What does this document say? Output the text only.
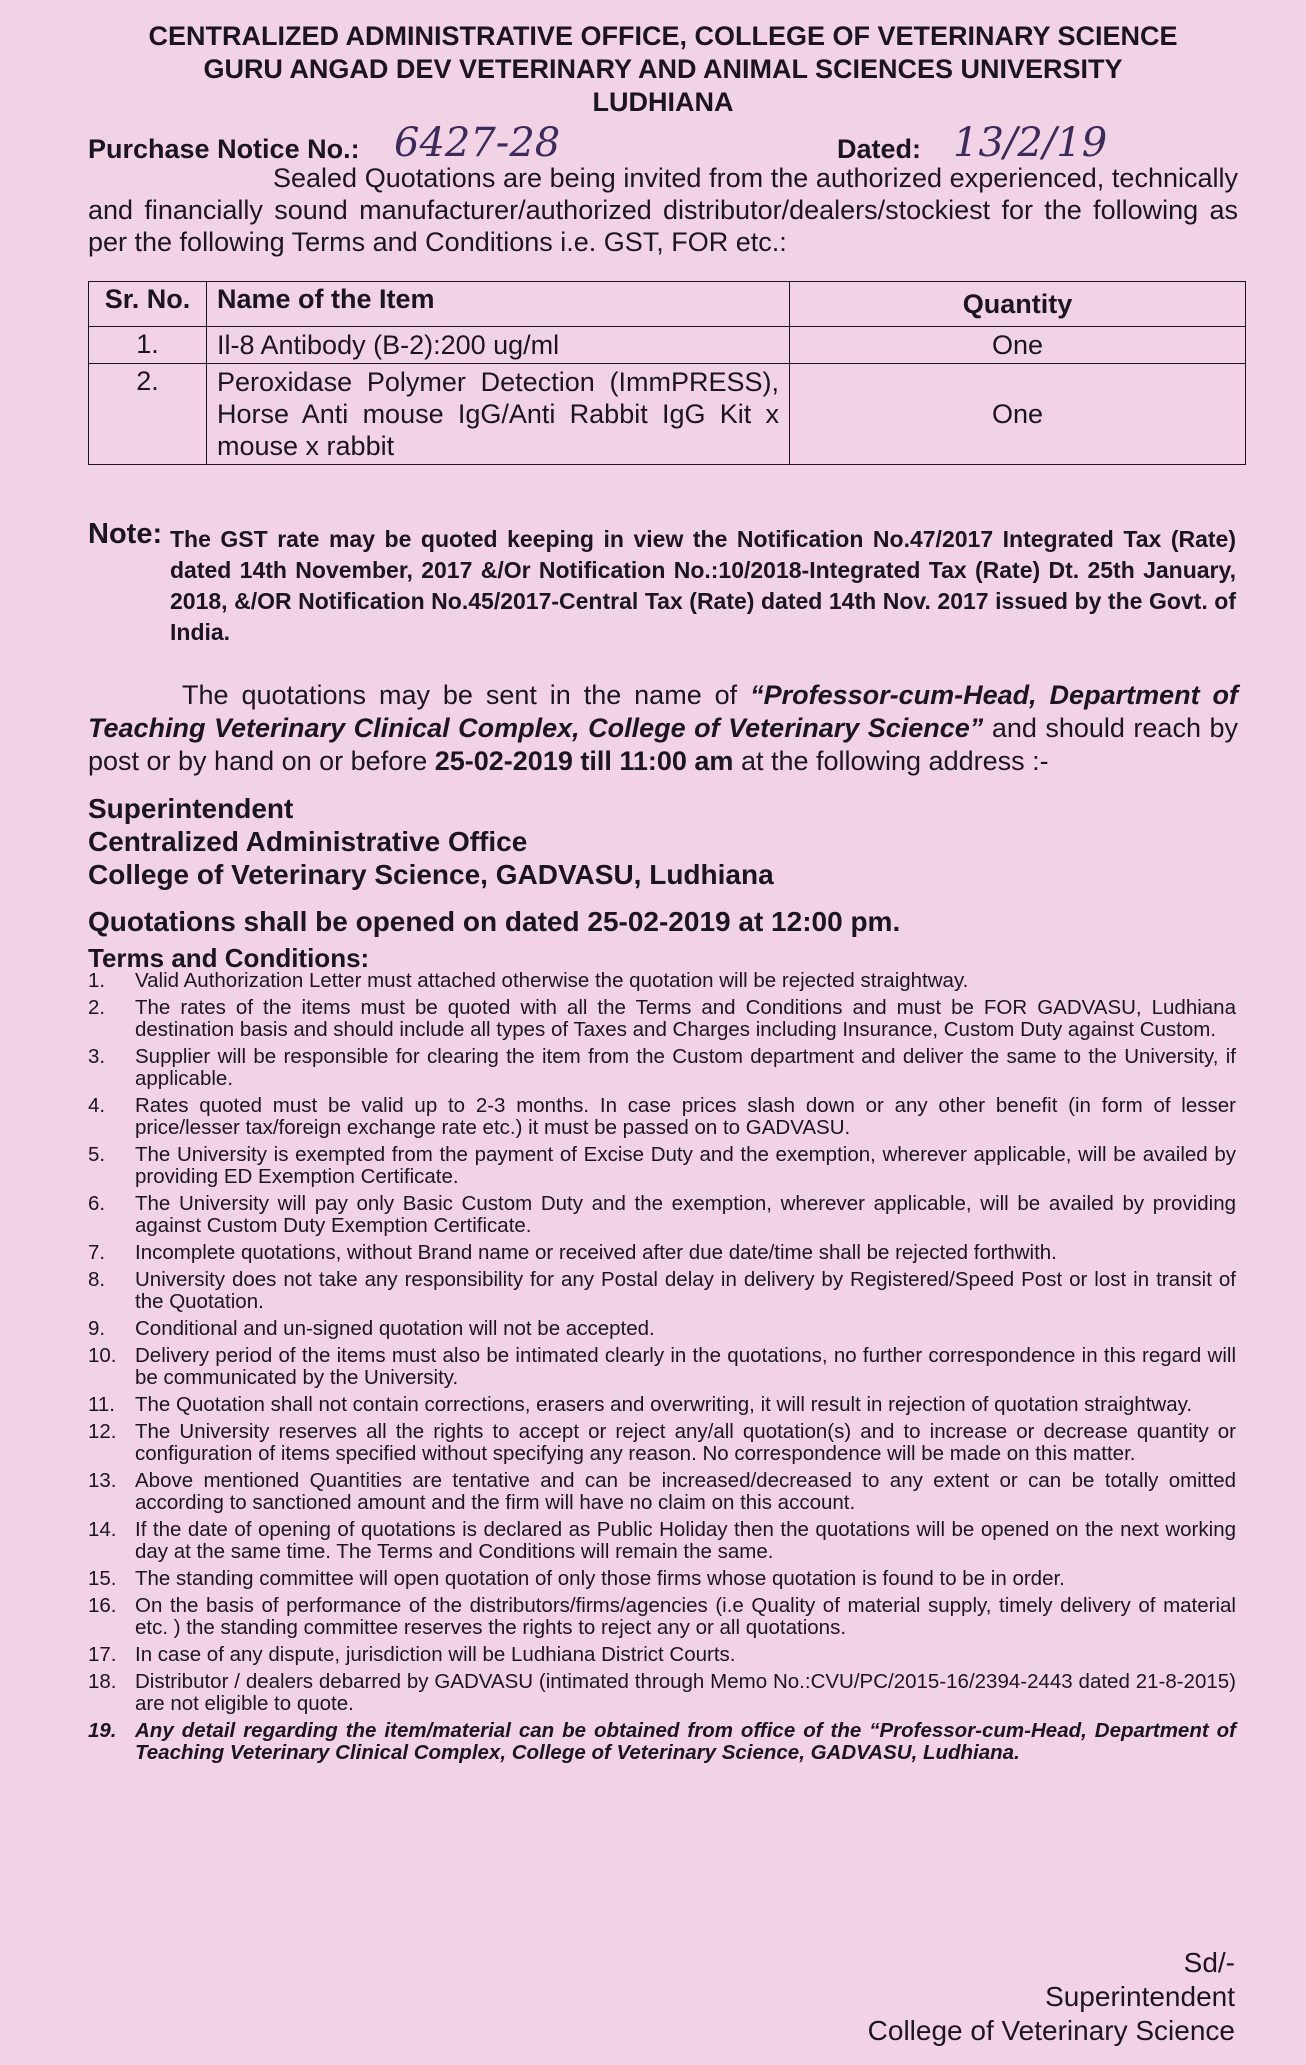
CENTRALIZED ADMINISTRATIVE OFFICE, COLLEGE OF VETERINARY SCIENCE
GURU ANGAD DEV VETERINARY AND ANIMAL SCIENCES UNIVERSITY
LUDHIANA
Purchase Notice No.: 6427-28	Dated: 13/2/19
Sealed Quotations are being invited from the authorized experienced, technically and financially sound manufacturer/authorized distributor/dealers/stockiest for the following as per the following Terms and Conditions i.e. GST, FOR etc.:
Sr. No.	Name of the Item	Quantity
1.	Il-8 Antibody (B-2):200 ug/ml	One
2.	Peroxidase Polymer Detection (ImmPRESS), Horse Anti mouse IgG/Anti Rabbit IgG Kit x mouse x rabbit	One
Note: The GST rate may be quoted keeping in view the Notification No.47/2017 Integrated Tax (Rate) dated 14th November, 2017 &/Or Notification No.:10/2018-Integrated Tax (Rate) Dt. 25th January, 2018, &/OR Notification No.45/2017-Central Tax (Rate) dated 14th Nov. 2017 issued by the Govt. of India.
The quotations may be sent in the name of “Professor-cum-Head, Department of Teaching Veterinary Clinical Complex, College of Veterinary Science” and should reach by post or by hand on or before 25-02-2019 till 11:00 am at the following address :-
Superintendent
Centralized Administrative Office
College of Veterinary Science, GADVASU, Ludhiana
Quotations shall be opened on dated 25-02-2019 at 12:00 pm.
Terms and Conditions:
1. Valid Authorization Letter must attached otherwise the quotation will be rejected straightway.
2. The rates of the items must be quoted with all the Terms and Conditions and must be FOR GADVASU, Ludhiana destination basis and should include all types of Taxes and Charges including Insurance, Custom Duty against Custom.
3. Supplier will be responsible for clearing the item from the Custom department and deliver the same to the University, if applicable.
4. Rates quoted must be valid up to 2-3 months. In case prices slash down or any other benefit (in form of lesser price/lesser tax/foreign exchange rate etc.) it must be passed on to GADVASU.
5. The University is exempted from the payment of Excise Duty and the exemption, wherever applicable, will be availed by providing ED Exemption Certificate.
6. The University will pay only Basic Custom Duty and the exemption, wherever applicable, will be availed by providing against Custom Duty Exemption Certificate.
7. Incomplete quotations, without Brand name or received after due date/time shall be rejected forthwith.
8. University does not take any responsibility for any Postal delay in delivery by Registered/Speed Post or lost in transit of the Quotation.
9. Conditional and un-signed quotation will not be accepted.
10. Delivery period of the items must also be intimated clearly in the quotations, no further correspondence in this regard will be communicated by the University.
11. The Quotation shall not contain corrections, erasers and overwriting, it will result in rejection of quotation straightway.
12. The University reserves all the rights to accept or reject any/all quotation(s) and to increase or decrease quantity or configuration of items specified without specifying any reason. No correspondence will be made on this matter.
13. Above mentioned Quantities are tentative and can be increased/decreased to any extent or can be totally omitted according to sanctioned amount and the firm will have no claim on this account.
14. If the date of opening of quotations is declared as Public Holiday then the quotations will be opened on the next working day at the same time. The Terms and Conditions will remain the same.
15. The standing committee will open quotation of only those firms whose quotation is found to be in order.
16. On the basis of performance of the distributors/firms/agencies (i.e Quality of material supply, timely delivery of material etc. ) the standing committee reserves the rights to reject any or all quotations.
17. In case of any dispute, jurisdiction will be Ludhiana District Courts.
18. Distributor / dealers debarred by GADVASU (intimated through Memo No.:CVU/PC/2015-16/2394-2443 dated 21-8-2015) are not eligible to quote.
19. Any detail regarding the item/material can be obtained from office of the “Professor-cum-Head, Department of Teaching Veterinary Clinical Complex, College of Veterinary Science, GADVASU, Ludhiana.
Sd/-
Superintendent
College of Veterinary Science
